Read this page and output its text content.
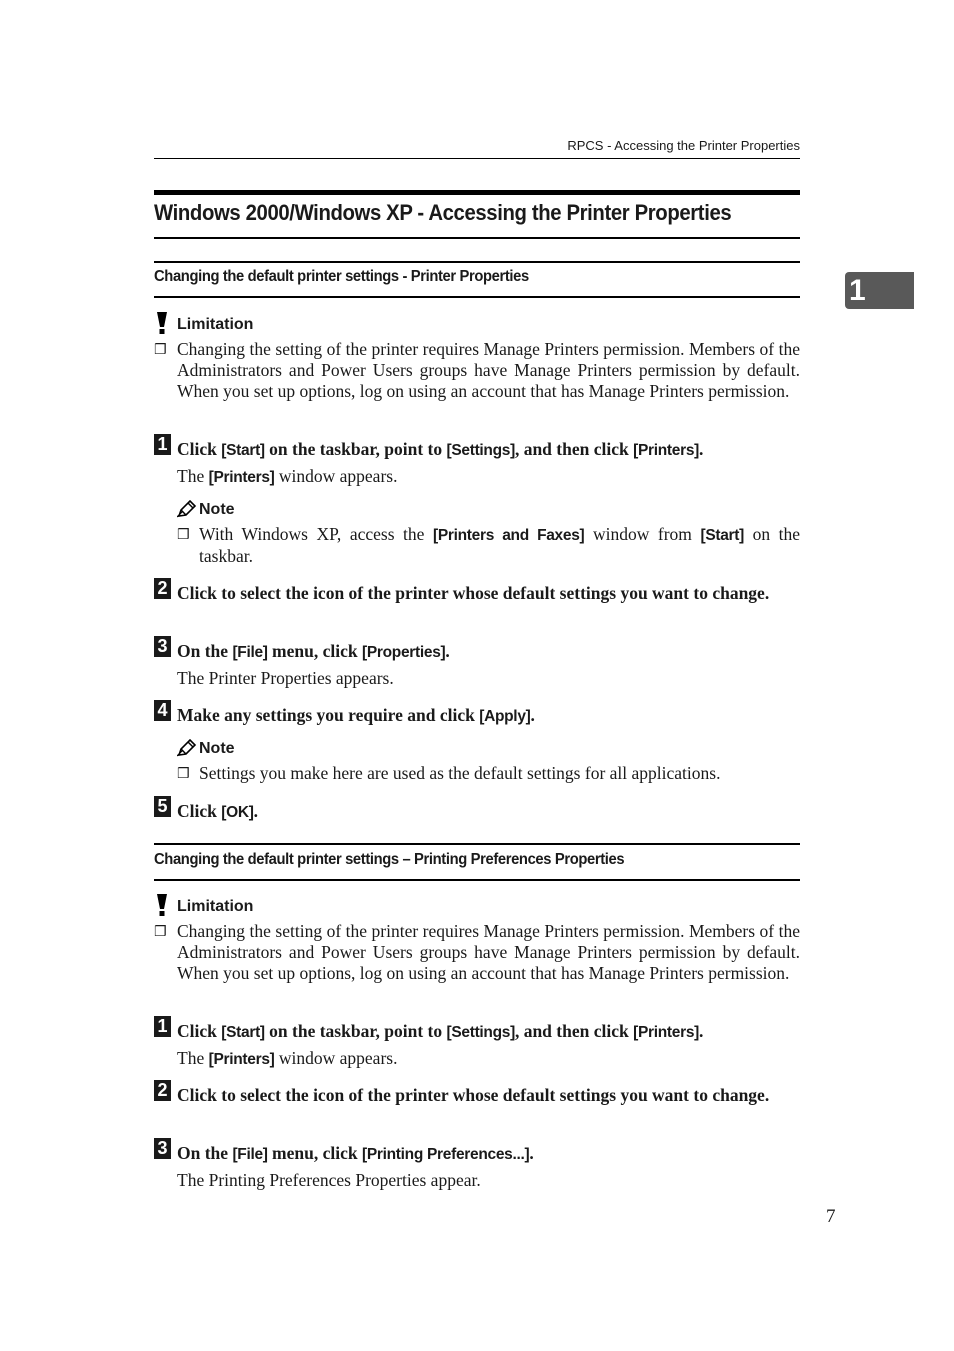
RPCS - Accessing the Printer Properties
Windows 2000/Windows XP - Accessing the Printer Properties
1
Changing the default printer settings - Printer Properties
Limitation
❒ Changing the setting of the printer requires Manage Printers permission. Members of the Administrators and Power Users groups have Manage Printers permission by default. When you set up options, log on using an account that has Manage Printers permission.
1 Click [Start] on the taskbar, point to [Settings], and then click [Printers].
The [Printers] window appears.
Note
❒ With Windows XP, access the [Printers and Faxes] window from [Start] on the taskbar.
2 Click to select the icon of the printer whose default settings you want to change.
3 On the [File] menu, click [Properties].
The Printer Properties appears.
4 Make any settings you require and click [Apply].
Note
❒ Settings you make here are used as the default settings for all applications.
5 Click [OK].
Changing the default printer settings – Printing Preferences Properties
Limitation
❒ Changing the setting of the printer requires Manage Printers permission. Members of the Administrators and Power Users groups have Manage Printers permission by default. When you set up options, log on using an account that has Manage Printers permission.
1 Click [Start] on the taskbar, point to [Settings], and then click [Printers].
The [Printers] window appears.
2 Click to select the icon of the printer whose default settings you want to change.
3 On the [File] menu, click [Printing Preferences...].
The Printing Preferences Properties appear.
7
